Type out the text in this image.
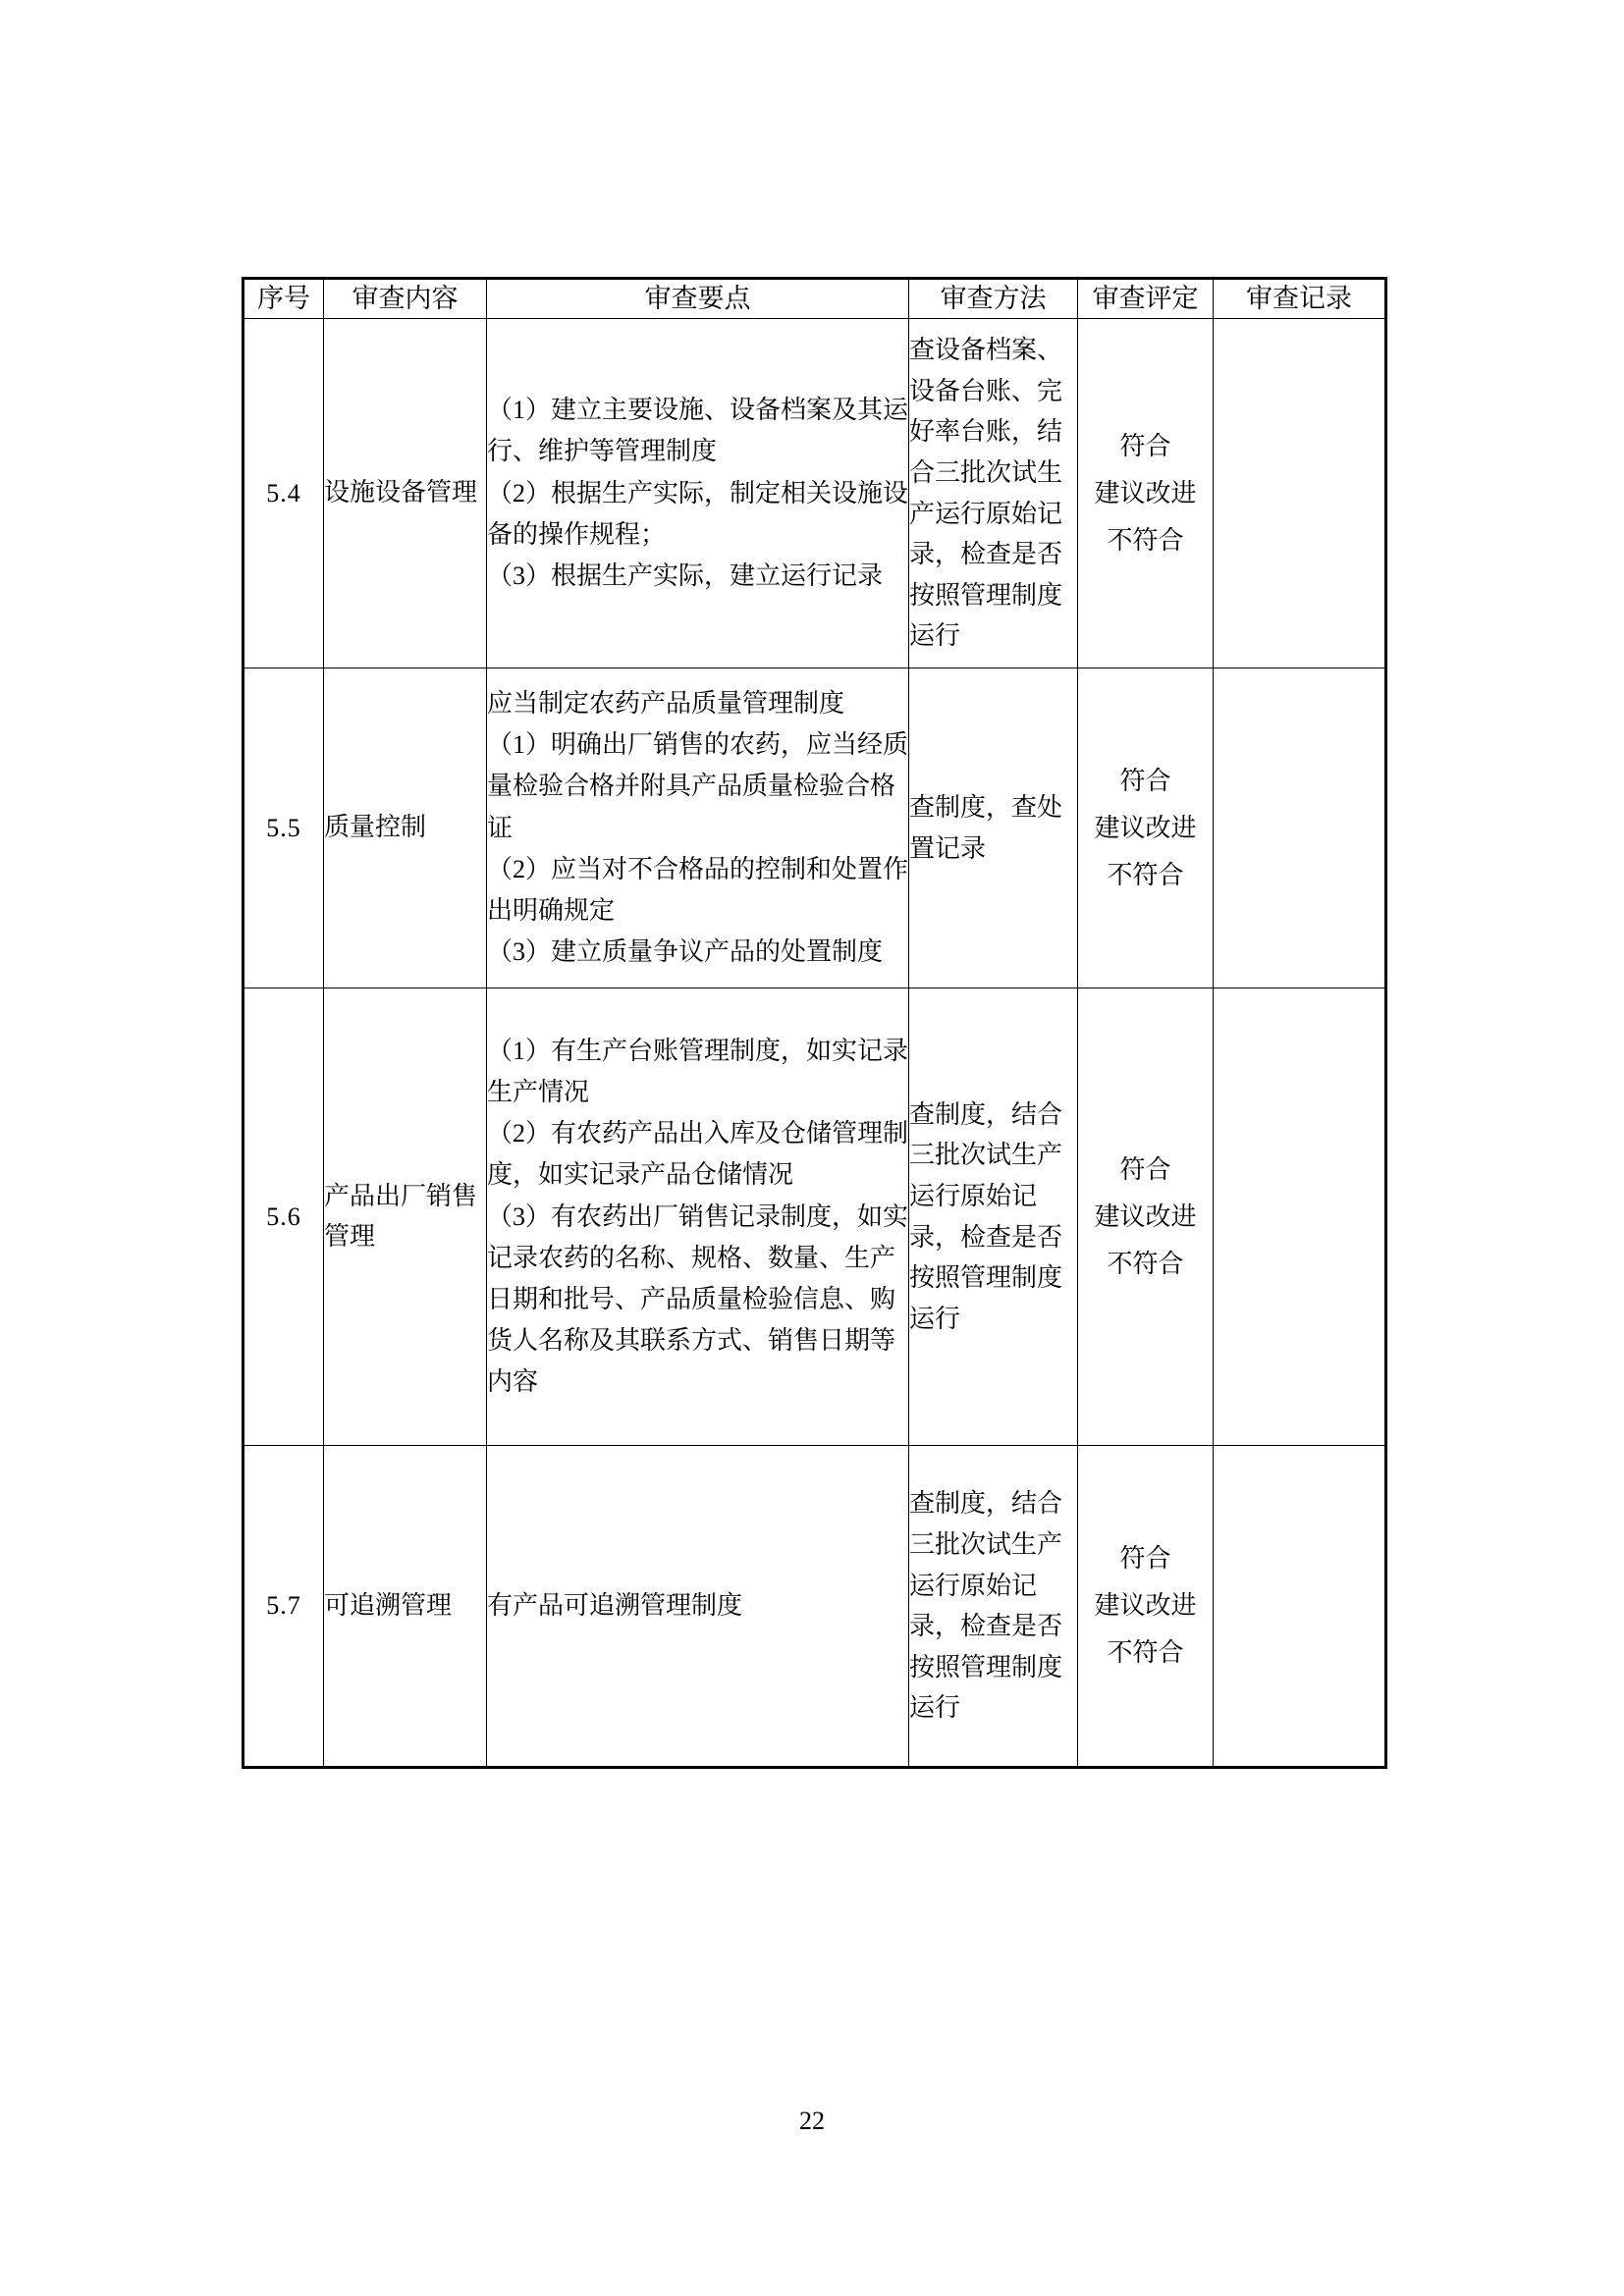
序号	审查内容	审查要点	审查方法	审查评定	审查记录
5.4	设施设备管理	（1）建立主要设施、设备档案及其运行、维护等管理制度
（2）根据生产实际，制定相关设施设备的操作规程；
（3）根据生产实际，建立运行记录	查设备档案、设备台账、完好率台账，结合三批次试生产运行原始记录，检查是否按照管理制度运行	符合
建议改进
不符合	

5.5	质量控制	应当制定农药产品质量管理制度
（1）明确出厂销售的农药，应当经质量检验合格并附具产品质量检验合格证
（2）应当对不合格品的控制和处置作出明确规定
（3）建立质量争议产品的处置制度	查制度，查处置记录	符合
建议改进
不符合	

5.6	产品出厂销售管理	（1）有生产台账管理制度，如实记录生产情况
（2）有农药产品出入库及仓储管理制度，如实记录产品仓储情况
（3）有农药出厂销售记录制度，如实记录农药的名称、规格、数量、生产日期和批号、产品质量检验信息、购货人名称及其联系方式、销售日期等内容	查制度，结合三批次试生产运行原始记录，检查是否按照管理制度运行	符合
建议改进
不符合	

5.7	可追溯管理	有产品可追溯管理制度	查制度，结合三批次试生产运行原始记录，检查是否按照管理制度运行	符合
建议改进
不符合	

22
